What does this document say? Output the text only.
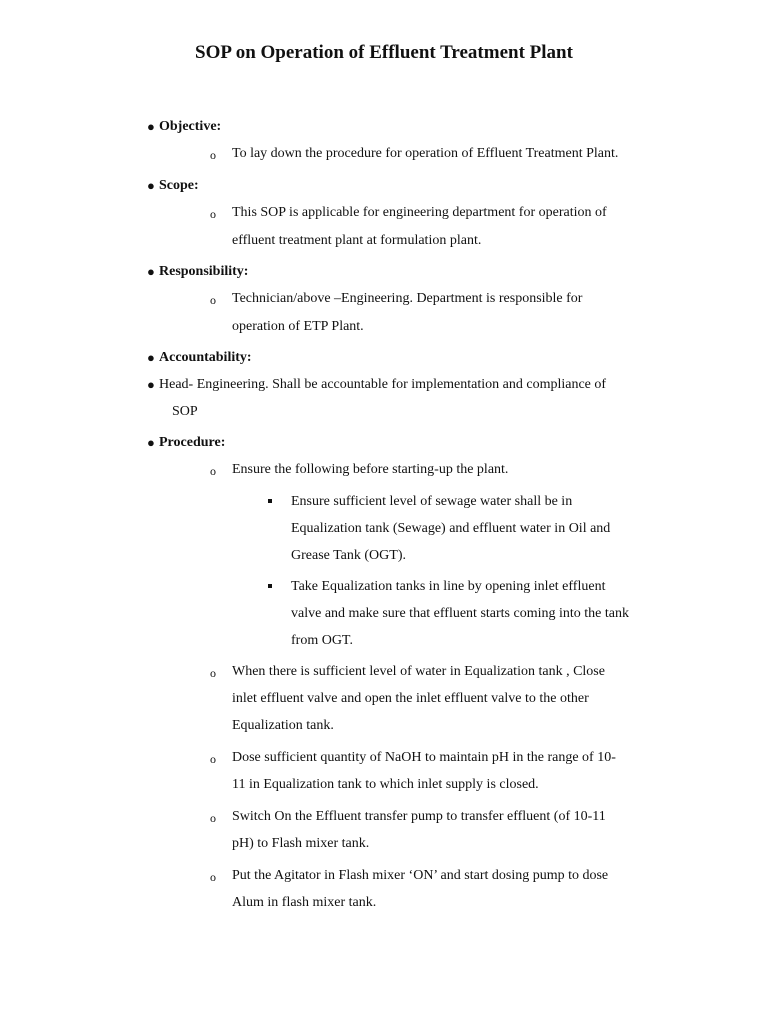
SOP on Operation of Effluent Treatment Plant
● Objective:
o To lay down the procedure for operation of Effluent Treatment Plant.
● Scope:
o This SOP is applicable for engineering department for operation of
effluent treatment plant at formulation plant.
● Responsibility:
o Technician/above –Engineering. Department is responsible for
operation of ETP Plant.
● Accountability:
● Head- Engineering. Shall be accountable for implementation and compliance of
SOP
● Procedure:
o Ensure the following before starting-up the plant.
Ensure sufficient level of sewage water shall be in
Equalization tank (Sewage) and effluent water in Oil and
Grease Tank (OGT).
Take Equalization tanks in line by opening inlet effluent
valve and make sure that effluent starts coming into the tank
from OGT.
o When there is sufficient level of water in Equalization tank , Close
inlet effluent valve and open the inlet effluent valve to the other
Equalization tank.
o Dose sufficient quantity of NaOH to maintain pH in the range of 10-
11 in Equalization tank to which inlet supply is closed.
o Switch On the Effluent transfer pump to transfer effluent (of 10-11
pH) to Flash mixer tank.
o Put the Agitator in Flash mixer ‘ON’ and start dosing pump to dose
Alum in flash mixer tank.
